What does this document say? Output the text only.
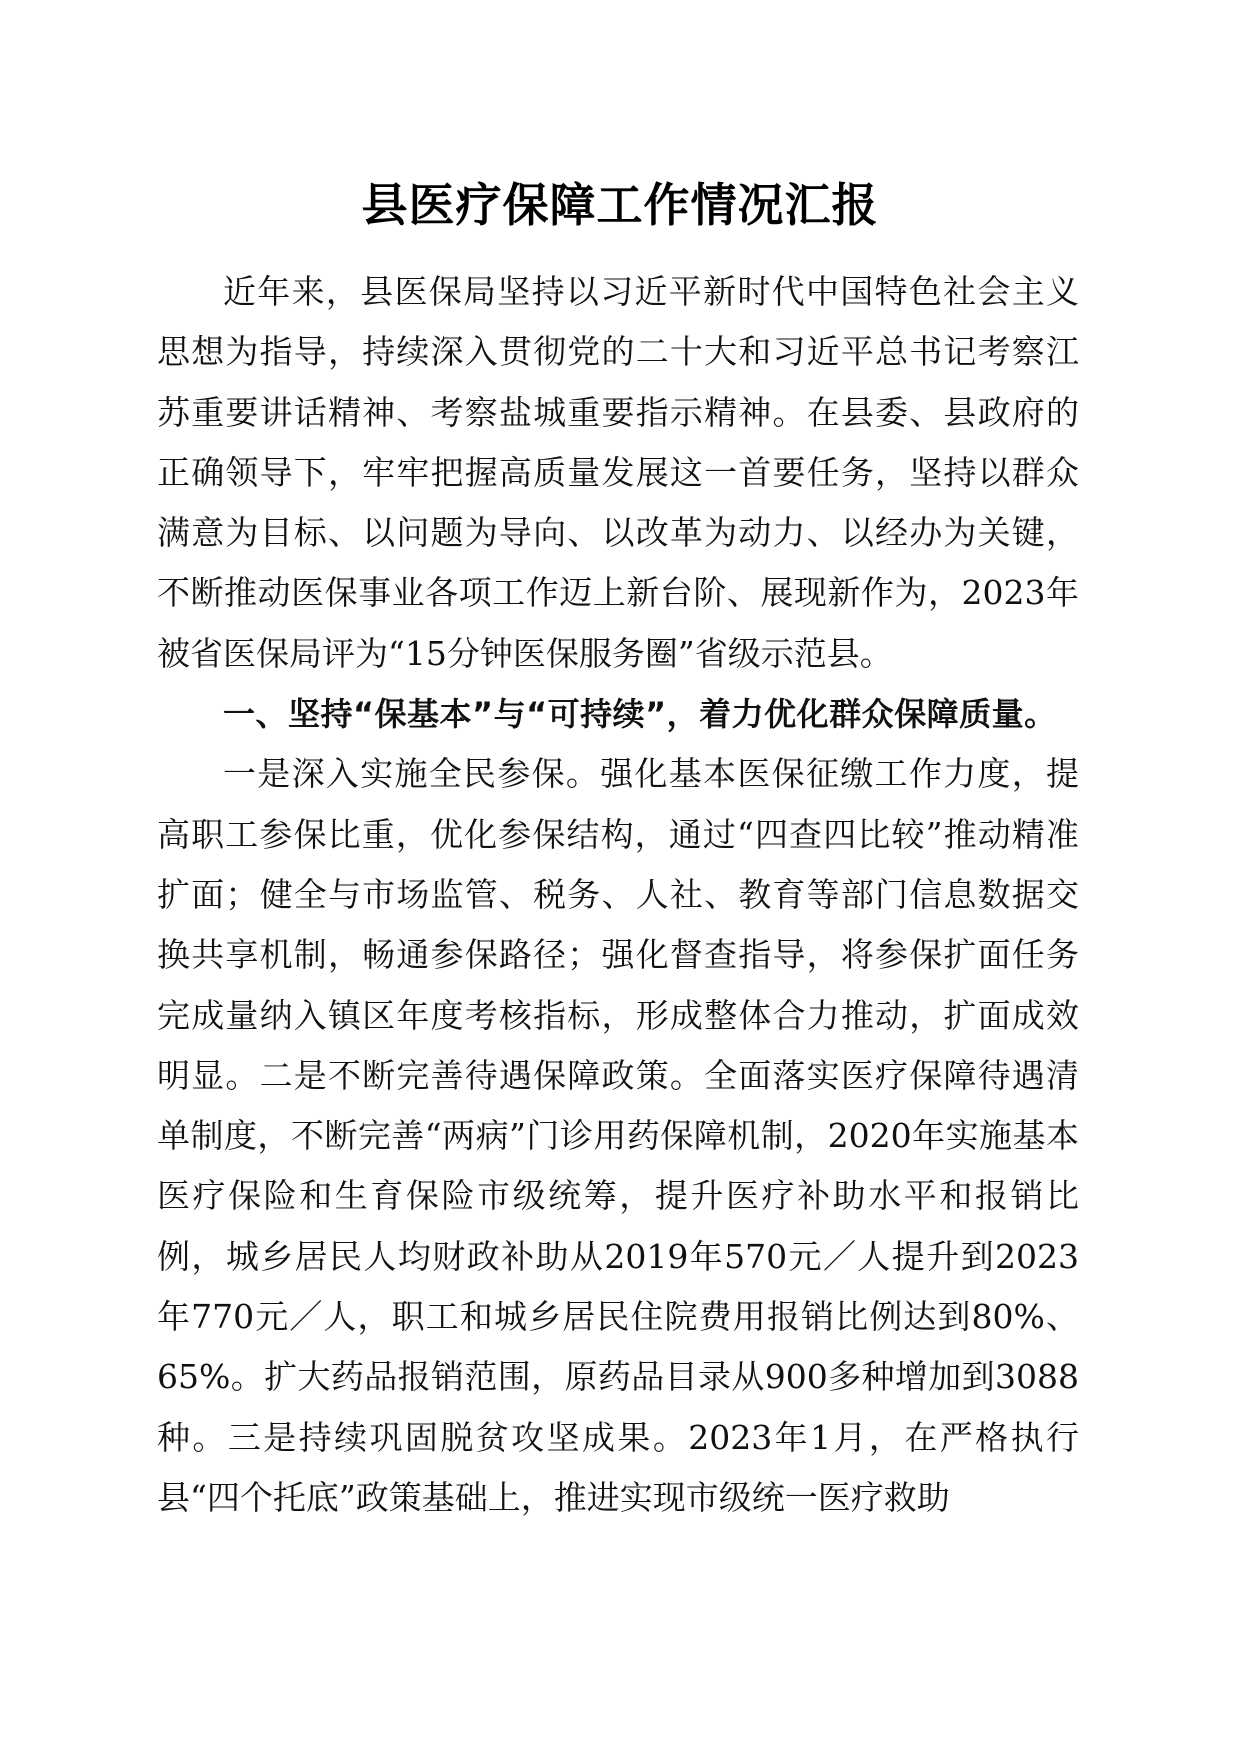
县医疗保障工作情况汇报

近年来，县医保局坚持以习近平新时代中国特色社会主义思想为指导，持续深入贯彻党的二十大和习近平总书记考察江苏重要讲话精神、考察盐城重要指示精神。在县委、县政府的正确领导下，牢牢把握高质量发展这一首要任务，坚持以群众满意为目标、以问题为导向、以改革为动力、以经办为关键，不断推动医保事业各项工作迈上新台阶、展现新作为，2023年被省医保局评为“15分钟医保服务圈”省级示范县。

一、坚持“保基本”与“可持续”，着力优化群众保障质量。

一是深入实施全民参保。强化基本医保征缴工作力度，提高职工参保比重，优化参保结构，通过“四查四比较”推动精准扩面；健全与市场监管、税务、人社、教育等部门信息数据交换共享机制，畅通参保路径；强化督查指导，将参保扩面任务完成量纳入镇区年度考核指标，形成整体合力推动，扩面成效明显。二是不断完善待遇保障政策。全面落实医疗保障待遇清单制度，不断完善“两病”门诊用药保障机制，2020年实施基本医疗保险和生育保险市级统筹，提升医疗补助水平和报销比例，城乡居民人均财政补助从2019年570元／人提升到2023年770元／人，职工和城乡居民住院费用报销比例达到80%、65%。扩大药品报销范围，原药品目录从900多种增加到3088种。三是持续巩固脱贫攻坚成果。2023年1月，在严格执行县“四个托底”政策基础上，推进实现市级统一医疗救助
